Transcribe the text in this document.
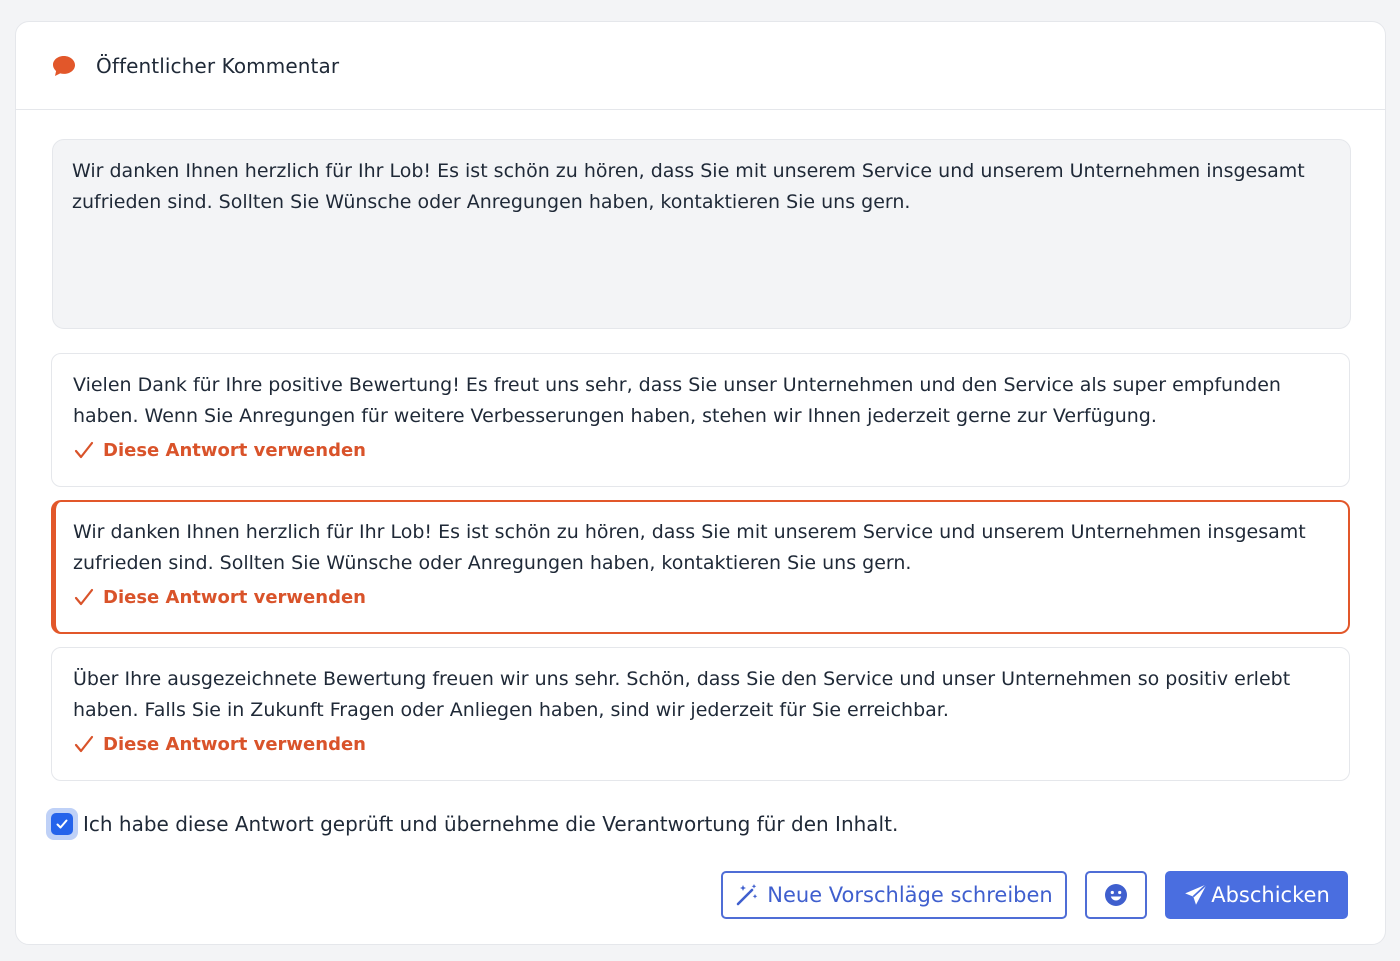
Öffentlicher Kommentar
Wir danken Ihnen herzlich für Ihr Lob! Es ist schön zu hören, dass Sie mit unserem Service und unserem Unternehmen insgesamt zufrieden sind. Sollten Sie Wünsche oder Anregungen haben, kontaktieren Sie uns gern.
Vielen Dank für Ihre positive Bewertung! Es freut uns sehr, dass Sie unser Unternehmen und den Service als super empfunden haben. Wenn Sie Anregungen für weitere Verbesserungen haben, stehen wir Ihnen jederzeit gerne zur Verfügung.
Diese Antwort verwenden
Wir danken Ihnen herzlich für Ihr Lob! Es ist schön zu hören, dass Sie mit unserem Service und unserem Unternehmen insgesamt zufrieden sind. Sollten Sie Wünsche oder Anregungen haben, kontaktieren Sie uns gern.
Diese Antwort verwenden
Über Ihre ausgezeichnete Bewertung freuen wir uns sehr. Schön, dass Sie den Service und unser Unternehmen so positiv erlebt haben. Falls Sie in Zukunft Fragen oder Anliegen haben, sind wir jederzeit für Sie erreichbar.
Diese Antwort verwenden
Ich habe diese Antwort geprüft und übernehme die Verantwortung für den Inhalt.
Neue Vorschläge schreiben	Abschicken
